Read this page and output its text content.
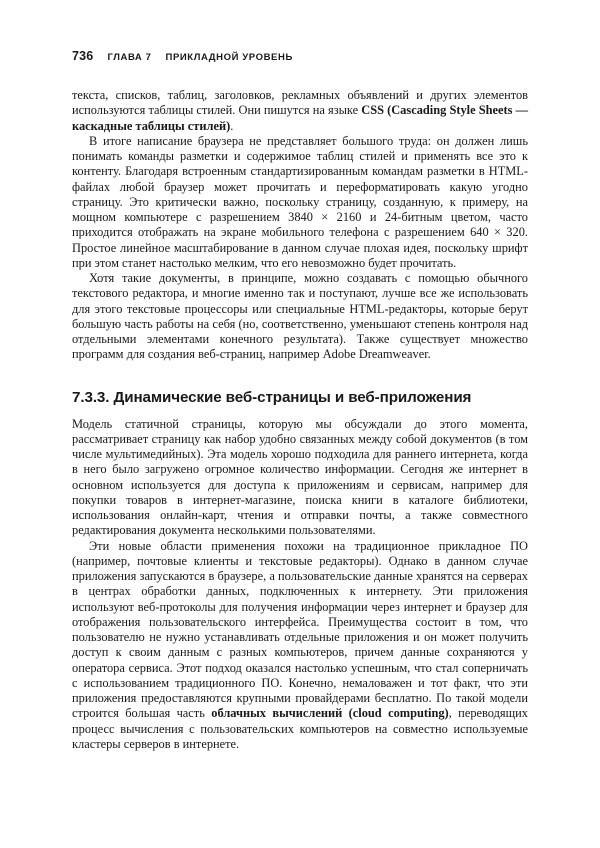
736 ГЛАВА 7 ПРИКЛАДНОЙ УРОВЕНЬ

текста, списков, таблиц, заголовков, рекламных объявлений и других элементов используются таблицы стилей. Они пишутся на языке CSS (Cascading Style Sheets — каскадные таблицы стилей).

В итоге написание браузера не представляет большого труда: он должен лишь понимать команды разметки и содержимое таблиц стилей и применять все это к контенту. Благодаря встроенным стандартизированным командам разметки в HTML-файлах любой браузер может прочитать и переформатировать какую угодно страницу. Это критически важно, поскольку страницу, созданную, к примеру, на мощном компьютере с разрешением 3840 × 2160 и 24-битным цветом, часто приходится отображать на экране мобильного телефона с разрешением 640 × 320. Простое линейное масштабирование в данном случае плохая идея, поскольку шрифт при этом станет настолько мелким, что его невозможно будет прочитать.

Хотя такие документы, в принципе, можно создавать с помощью обычного текстового редактора, и многие именно так и поступают, лучше все же использовать для этого текстовые процессоры или специальные HTML-редакторы, которые берут большую часть работы на себя (но, соответственно, уменьшают степень контроля над отдельными элементами конечного результата). Также существует множество программ для создания веб-страниц, например Adobe Dreamweaver.

7.3.3. Динамические веб-страницы и веб-приложения

Модель статичной страницы, которую мы обсуждали до этого момента, рассматривает страницу как набор удобно связанных между собой документов (в том числе мультимедийных). Эта модель хорошо подходила для раннего интернета, когда в него было загружено огромное количество информации. Сегодня же интернет в основном используется для доступа к приложениям и сервисам, например для покупки товаров в интернет-магазине, поиска книги в каталоге библиотеки, использования онлайн-карт, чтения и отправки почты, а также совместного редактирования документа несколькими пользователями.

Эти новые области применения похожи на традиционное прикладное ПО (например, почтовые клиенты и текстовые редакторы). Однако в данном случае приложения запускаются в браузере, а пользовательские данные хранятся на серверах в центрах обработки данных, подключенных к интернету. Эти приложения используют веб-протоколы для получения информации через интернет и браузер для отображения пользовательского интерфейса. Преимущества состоит в том, что пользователю не нужно устанавливать отдельные приложения и он может получить доступ к своим данным с разных компьютеров, причем данные сохраняются у оператора сервиса. Этот подход оказался настолько успешным, что стал соперничать с использованием традиционного ПО. Конечно, немаловажен и тот факт, что эти приложения предоставляются крупными провайдерами бесплатно. По такой модели строится большая часть облачных вычислений (cloud computing), переводящих процесс вычисления с пользовательских компьютеров на совместно используемые кластеры серверов в интернете.
